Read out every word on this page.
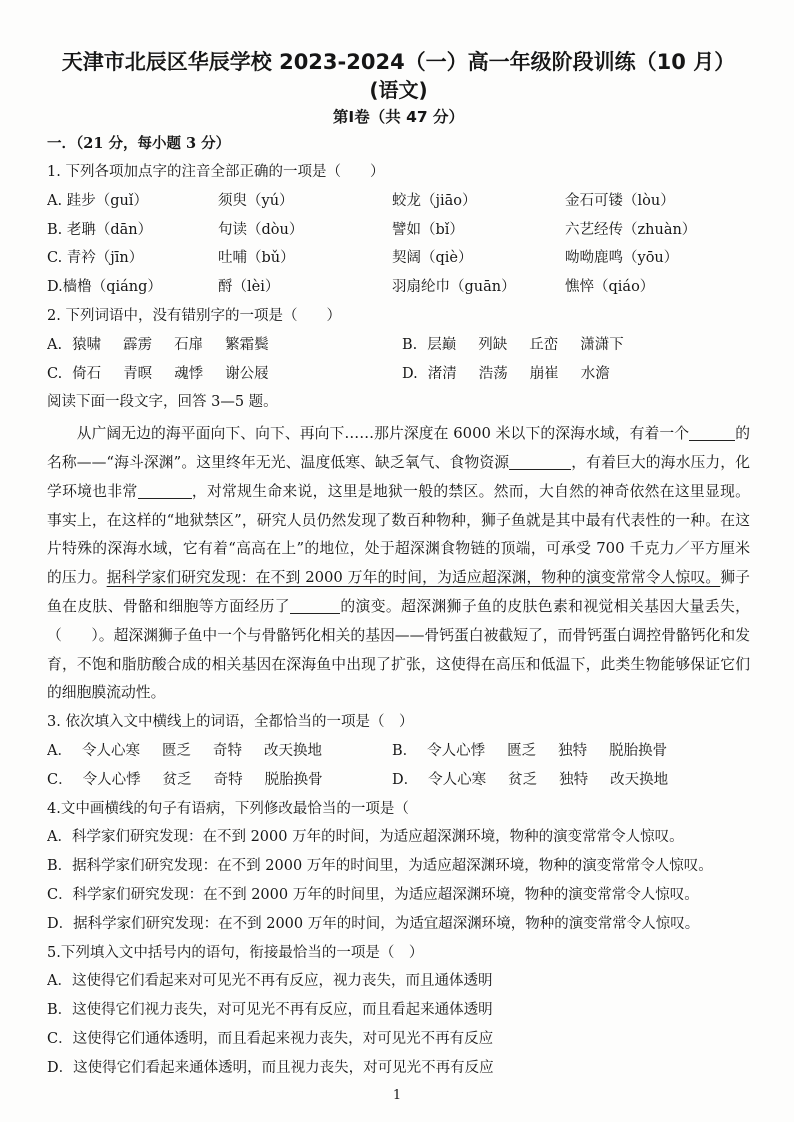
天津市北辰区华辰学校 2023-2024（一）高一年级阶段训练（10 月）
(语文)
第Ⅰ卷（共 47 分）
一．（21 分，每小题 3 分）
1. 下列各项加点字的注音全部正确的一项是（　　）
A. 跬步（guǐ）	须臾（yú）	蛟龙（jiāo）	金石可镂（lòu）
B. 老聃（dān）	句读（dòu）	譬如（bǐ）	六艺经传（zhuàn）
C. 青衿（jīn）	吐哺（bǔ）	契阔（qiè）	呦呦鹿鸣（yōu）
D.樯橹（qiáng）	酹（lèi）	羽扇纶巾（guān）	憔悴（qiáo）
2. 下列词语中，没有错别字的一项是（　　）
A. 猿啸 霹雳 石扉 繁霜鬓	B. 层巅 列缺 丘峦 潇潇下
C. 倚石 青暝 魂悸 谢公屐	D. 渚清 浩荡 崩崔 水澹
阅读下面一段文字，回答 3—5 题。

从广阔无边的海平面向下、向下、再向下……那片深度在 6000 米以下的深海水域，有着一个	的名称——“海斗深渊”。这里终年无光、温度低寒、缺乏氧气、食物资源	，有着巨大的海水压力，化学环境也非常	，对常规生命来说，这里是地狱一般的禁区。然而，大自然的神奇依然在这里显现。事实上，在这样的“地狱禁区”，研究人员仍然发现了数百种物种，狮子鱼就是其中最有代表性的一种。在这片特殊的深海水域，它有着“高高在上”的地位，处于超深渊食物链的顶端，可承受 700 千克力／平方厘米的压力。据科学家们研究发现：在不到 2000 万年的时间，为适应超深渊，物种的演变常常令人惊叹。狮子鱼在皮肤、骨骼和细胞等方面经历了	的演变。超深渊狮子鱼的皮肤色素和视觉相关基因大量丢失，（　　）。超深渊狮子鱼中一个与骨骼钙化相关的基因——骨钙蛋白被截短了，而骨钙蛋白调控骨骼钙化和发育，不饱和脂肪酸合成的相关基因在深海鱼中出现了扩张，这使得在高压和低温下，此类生物能够保证它们的细胞膜流动性。

3. 依次填入文中横线上的词语，全都恰当的一项是（　）
A． 令人心寒 匮乏 奇特 改天换地	B． 令人心悸 匮乏 独特 脱胎换骨
C． 令人心悸 贫乏 奇特 脱胎换骨	D． 令人心寒 贫乏 独特 改天换地
4.文中画横线的句子有语病，下列修改最恰当的一项是（
A．科学家们研究发现：在不到 2000 万年的时间，为适应超深渊环境，物种的演变常常令人惊叹。
B．据科学家们研究发现：在不到 2000 万年的时间里，为适应超深渊环境，物种的演变常常令人惊叹。
C．科学家们研究发现：在不到 2000 万年的时间里，为适应超深渊环境，物种的演变常常令人惊叹。
D．据科学家们研究发现：在不到 2000 万年的时间，为适宜超深渊环境，物种的演变常常令人惊叹。
5.下列填入文中括号内的语句，衔接最恰当的一项是（　）
A．这使得它们看起来对可见光不再有反应，视力丧失，而且通体透明
B．这使得它们视力丧失，对可见光不再有反应，而且看起来通体透明
C．这使得它们通体透明，而且看起来视力丧失，对可见光不再有反应
D．这使得它们看起来通体透明，而且视力丧失，对可见光不再有反应
1
